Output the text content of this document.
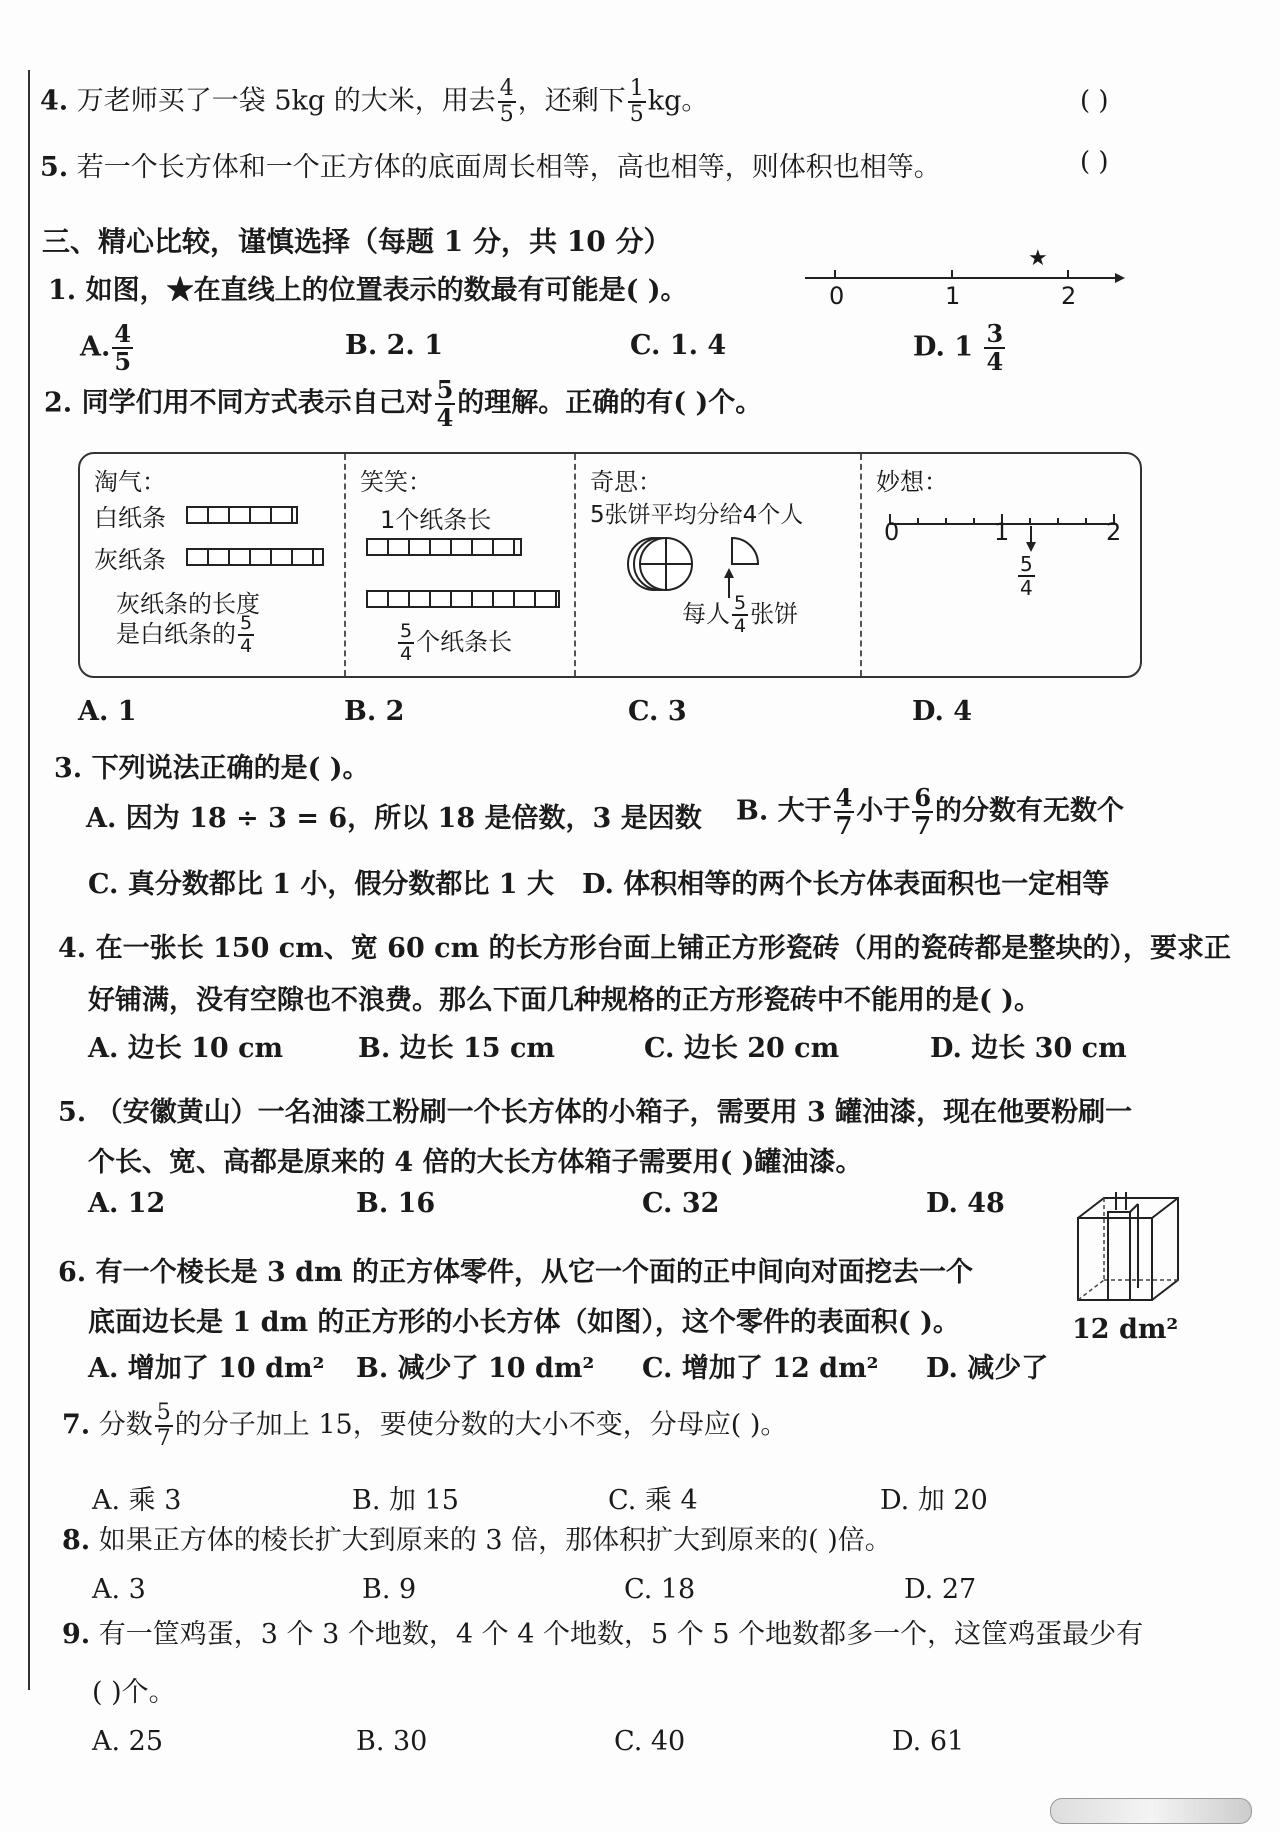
4. 万老师买了一袋 5kg 的大米，用去 $\frac{4}{5}$ ，还剩下 $\frac{1}{5}$ kg。	( )
5. 若一个长方体和一个正方体的底面周长相等，高也相等，则体积也相等。	( )
三、精心比较，谨慎选择（每题 1 分，共 10 分）
1. 如图，★在直线上的位置表示的数最有可能是( )。
★
0	1	2
A. $\frac{4}{5}$	B. 2. 1	C. 1. 4	D. $1 \frac{3}{4}$
2. 同学们用不同方式表示自己对 $\frac{5}{4}$ 的理解。正确的有( )个。
淘气：
白纸条
灰纸条
灰纸条的长度
是白纸条的 $\frac{5}{4}$
笑笑：
1个纸条长
$\frac{5}{4}$ 个纸条长
奇思：
5张饼平均分给4个人
每人 $\frac{5}{4}$ 张饼
妙想：
0	1	2
$\frac{5}{4}$
A. 1	B. 2	C. 3	D. 4
3. 下列说法正确的是( )。
A. 因为 18 ÷ 3 = 6，所以 18 是倍数，3 是因数 B. 大于 $\frac{4}{7}$ 小于 $\frac{6}{7}$ 的分数有无数个
C. 真分数都比 1 小，假分数都比 1 大 D. 体积相等的两个长方体表面积也一定相等
4. 在一张长 150 cm、宽 60 cm 的长方形台面上铺正方形瓷砖（用的瓷砖都是整块的），要求正
好铺满，没有空隙也不浪费。那么下面几种规格的正方形瓷砖中不能用的是( )。
A. 边长 10 cm	B. 边长 15 cm	C. 边长 20 cm	D. 边长 30 cm
5. （安徽黄山）一名油漆工粉刷一个长方体的小箱子，需要用 3 罐油漆，现在他要粉刷一
个长、宽、高都是原来的 4 倍的大长方体箱子需要用( )罐油漆。
A. 12	B. 16	C. 32	D. 48
6. 有一个棱长是 3 dm 的正方体零件，从它一个面的正中间向对面挖去一个
底面边长是 1 dm 的正方形的小长方体（如图），这个零件的表面积( )。	12 dm²
A. 增加了 10 dm² B. 减少了 10 dm² C. 增加了 12 dm² D. 减少了
7. 分数 $\frac{5}{7}$ 的分子加上 15，要使分数的大小不变，分母应( )。
A. 乘 3	B. 加 15	C. 乘 4	D. 加 20
8. 如果正方体的棱长扩大到原来的 3 倍，那体积扩大到原来的( )倍。
A. 3	B. 9	C. 18	D. 27
9. 有一筐鸡蛋，3 个 3 个地数，4 个 4 个地数，5 个 5 个地数都多一个，这筐鸡蛋最少有
( )个。
A. 25	B. 30	C. 40	D. 61
